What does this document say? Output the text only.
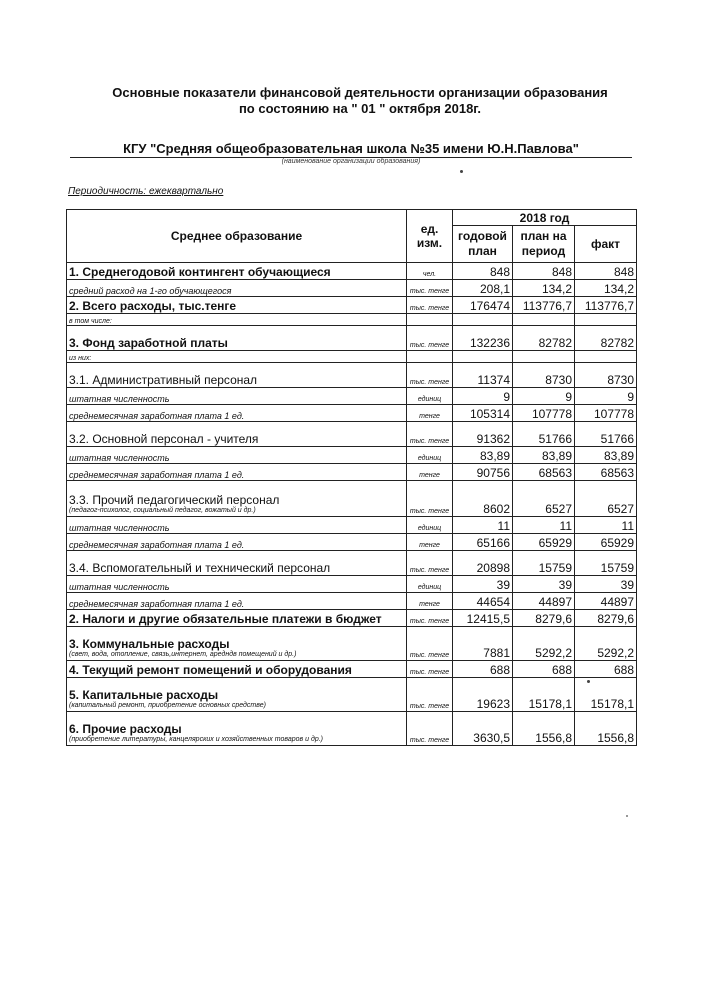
Основные показатели финансовой деятельности организации образования
по состоянию на " 01 " октября 2018г.
КГУ "Средняя общеобразовательная школа №35 имени Ю.Н.Павлова"
(наименование организации образования)
Периодичность: ежеквартально
Среднее образование	ед. изм.	2018 год		
		годовой план	план на период	факт
1. Среднегодовой контингент обучающиеся	чел.	848	848	848
средний расход на 1-го обучающегося	тыс. тенге	208,1	134,2	134,2
2. Всего расходы, тыс.тенге	тыс. тенге	176474	113776,7	113776,7
в том числе:				
3. Фонд заработной платы	тыс. тенге	132236	82782	82782
из них:				
3.1. Административный персонал	тыс. тенге	11374	8730	8730
штатная численность	единиц	9	9	9
среднемесячная заработная плата 1 ед.	тенге	105314	107778	107778
3.2. Основной персонал - учителя	тыс. тенге	91362	51766	51766
штатная численность	единиц	83,89	83,89	83,89
среднемесячная заработная плата 1 ед.	тенге	90756	68563	68563
3.3. Прочий педагогический персонал
(педагог-психолог, социальный педагог, вожатый и др.)	тыс. тенге	8602	6527	6527
штатная численность	единиц	11	11	11
среднемесячная заработная плата 1 ед.	тенге	65166	65929	65929
3.4. Вспомогательный и технический персонал	тыс. тенге	20898	15759	15759
штатная численность	единиц	39	39	39
среднемесячная заработная плата 1 ед.	тенге	44654	44897	44897
2. Налоги и другие обязательные платежи в бюджет	тыс. тенге	12415,5	8279,6	8279,6
3. Коммунальные расходы
(свет, вода, отопление, связь,интернет, аредндв помещений и др.)	тыс. тенге	7881	5292,2	5292,2
4. Текущий ремонт помещений и оборудования	тыс. тенге	688	688	688
5. Капитальные расходы
(капитальный ремонт, приобретение основных средстве)	тыс. тенге	19623	15178,1	15178,1
6. Прочие расходы
(приобретение литературы, канцелярских и хозяйственных товаров и др.)	тыс. тенге	3630,5	1556,8	1556,8
